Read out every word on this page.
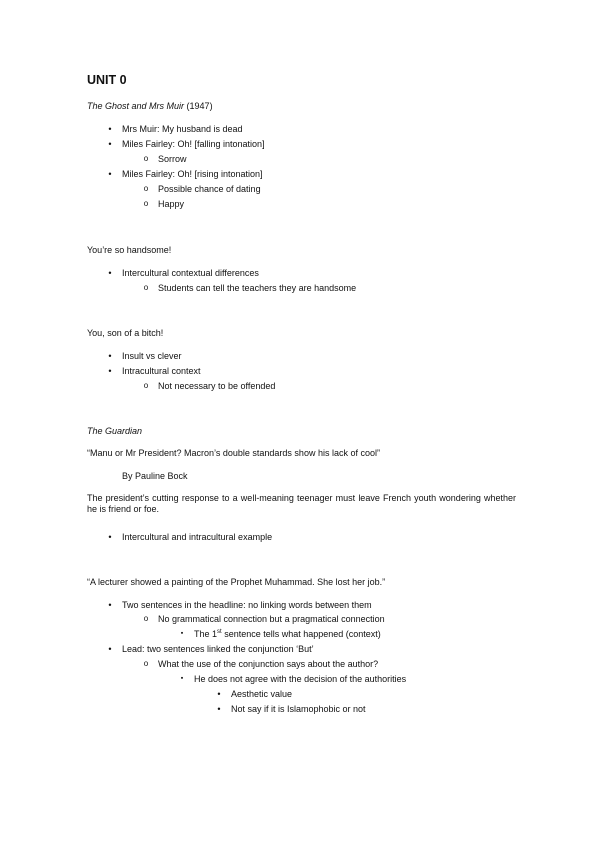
UNIT 0
The Ghost and Mrs Muir (1947)
•	Mrs Muir: My husband is dead
•	Miles Fairley: Oh! [falling intonation]
o	Sorrow
•	Miles Fairley: Oh! [rising intonation]
o	Possible chance of dating
o	Happy
You’re so handsome!
•	Intercultural contextual differences
o	Students can tell the teachers they are handsome
You, son of a bitch!
•	Insult vs clever
•	Intracultural context
o	Not necessary to be offended
The Guardian
“Manu or Mr President? Macron’s double standards show his lack of cool”
By Pauline Bock
The president’s cutting response to a well-meaning teenager must leave French youth wondering whether he is friend or foe.
•	Intercultural and intracultural example
“A lecturer showed a painting of the Prophet Muhammad. She lost her job.”
•	Two sentences in the headline: no linking words between them
o	No grammatical connection but a pragmatical connection
▪	The 1st sentence tells what happened (context)
•	Lead: two sentences linked the conjunction ‘But’
o	What the use of the conjunction says about the author?
▪	He does not agree with the decision of the authorities
•	Aesthetic value
•	Not say if it is Islamophobic or not
